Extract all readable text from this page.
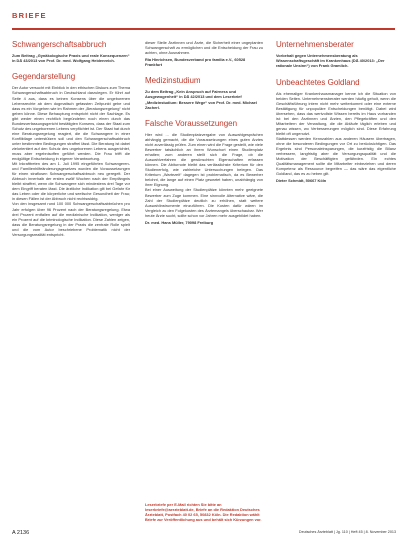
BRIEFE
Schwangerschaftsabbruch
Zum Beitrag „Gynäkologische Praxis und reale Konsequenzen“ in DÄ 43/2013 von Prof. Dr. med. Wolfgang Heidenreich.
Gegendarstellung

Der Autor versucht mit Einblick in den ethischen Diskurs zum Thema Schwangerschaftsabbruch in Deutschland darzulegen. Er führt auf Seite 4 aus, dass es keinen Konsens über die ungeborenen Lebensrechte ab dem dogmatisch gefassten Zeitpunkt gebe und dass es ein Vorgehen wie im Rahmen der „Beratungsregelung“ nicht geben könne. Diese Behauptung entspricht nicht der Sachlage. Es gibt weder einen rechtlich begründeten noch einen durch das Bundesverfassungsgericht bestätigten Konsens, dass der Staat zum Schutz des ungeborenen Lebens verpflichtet ist. Der Staat hat durch eine Beratungsregelung reagiert, die die Schwangere in einer Konfliktlage unterstützen soll und den Schwangerschaftsabbruch unter bestimmten Bedingungen straffrei lässt. Die Beratung ist dabei zielorientiert auf den Schutz des ungeborenen Lebens ausgerichtet, muss aber ergebnisoffen geführt werden. Die Frau trifft die endgültige Entscheidung in eigener Verantwortung.

Mit Inkrafttreten des am 1. Juli 1995 eingeführten Schwangeren- und Familienhilfeänderungsgesetzes wurden die Voraussetzungen für einen straflosen Schwangerschaftsabbruch neu geregelt. Der Abbruch innerhalb der ersten zwölf Wochen nach der Empfängnis bleibt straffrei, wenn die Schwangere sich mindestens drei Tage vor dem Eingriff beraten lässt. Die ärztliche Indikation gilt bei Gefahr für das Leben oder die körperliche und seelische Gesundheit der Frau; in diesen Fällen ist der Abbruch nicht rechtswidrig.

Von den insgesamt rund 100 000 Schwangerschaftsabbrüchen pro Jahr erfolgen über 96 Prozent nach der Beratungsregelung. Etwa drei Prozent entfallen auf die medizinische Indikation, weniger als ein Prozent auf die kriminologische Indikation. Diese Zahlen zeigen, dass die Beratungsregelung in der Praxis die zentrale Rolle spielt und die vom Autor beschriebene Problematik nicht der Versorgungsrealität entspricht.

dieser Stelle Ärztinnen und Ärzte, die Sicherheit einer ungeplanten Schwangerschaft zu ermöglichen und die Entscheidung der Frau zu achten, ohne Ausnahmen.

Ria Hinrichsen, Bundesverband pro familia e.V., 60528 Frankfurt
Medizinstudium
Zu dem Beitrag „Kein Anspruch auf Fairness und Ausgewogenheit“ in DÄ 42/2013 und dem Leserbrief „Medizinstudium: Bessere Wege“ von Prof. Dr. med. Michael Zacherl.
Falsche Voraussetzungen

Hier wird ... die Studienplatzvergabe von Auswahlgesprächen abhängig gemacht, die die Voraussetzungen eines guten Arztes nicht zuverlässig prüfen. Zum einen wird die Frage gestellt, wie viele Bewerber tatsächlich an ihrem Wunschort einen Studienplatz erhalten; zum anderen stellt sich die Frage, ob die Auswahlverfahren die gewünschten Eigenschaften erfassen können. Die Abiturnote bleibt das verlässlichste Kriterium für den Studienerfolg, wie zahlreiche Untersuchungen belegen. Das Kriterium „Wartezeit“ dagegen ist problematisch, da es Bewerber belohnt, die lange auf einen Platz gewartet haben, unabhängig von ihrer Eignung.

Bei einer Ausweitung der Studienplätze könnten mehr geeignete Bewerber zum Zuge kommen. Eine sinnvolle Alternative wäre, die Zahl der Studienplätze deutlich zu erhöhen, statt weitere Auswahlinstrumente einzuführen. Die Kosten dafür wären im Vergleich zu den Folgekosten des Ärztemangels überschaubar. Wer heute Ärzte sucht, sollte schon vor Jahren mehr ausgebildet haben.

Dr. med. Hans Müller, 79098 Freiburg
Leserbriefe per E-Mail richten Sie bitte an leserbriefe@aerzteblatt.de, Briefe an die Redaktion Deutsches Ärzteblatt, Postfach 40 02 65, 50832 Köln. Die Redaktion wählt Briefe zur Veröffentlichung aus und behält sich Kürzungen vor.
Unternehmensberater
Vorbehalt gegen Unternehmensberatung als Wissenschaftsgeschäft im Krankenhaus (DÄ 40/2013: „Der rationale Unsinn“) von Frank Gramlich.
Unbeachtetes Goldland

Als ehemaliger Krankenhausmanager kenne ich die Situation von beiden Seiten. Unternehmensberater werden häufig geholt, wenn die Geschäftsführung intern nicht mehr weiterkommt oder eine externe Bestätigung für unpopuläre Entscheidungen benötigt. Dabei wird übersehen, dass das wertvollste Wissen bereits im Haus vorhanden ist: bei den Ärztinnen und Ärzten, den Pflegekräften und den Mitarbeitern der Verwaltung, die die Abläufe täglich erleben und genau wissen, wo Verbesserungen möglich sind. Diese Erfahrung bleibt oft ungenutzt.

Stattdessen werden Kennzahlen aus anderen Häusern übertragen, ohne die besonderen Bedingungen vor Ort zu berücksichtigen. Das Ergebnis sind Personaleinsparungen, die kurzfristig die Bilanz verbessern, langfristig aber die Versorgungsqualität und die Motivation der Beschäftigten gefährden. Ein echtes Qualitätsmanagement sollte die Mitarbeiter einbeziehen und deren Kompetenz als Ressource begreifen — das wäre das eigentliche Goldland, das es zu heben gilt.

Dieter Schmidt, 50667 Köln
A 2136	Deutsches Ärzteblatt | Jg. 110 | Heft 45 | 8. November 2013
